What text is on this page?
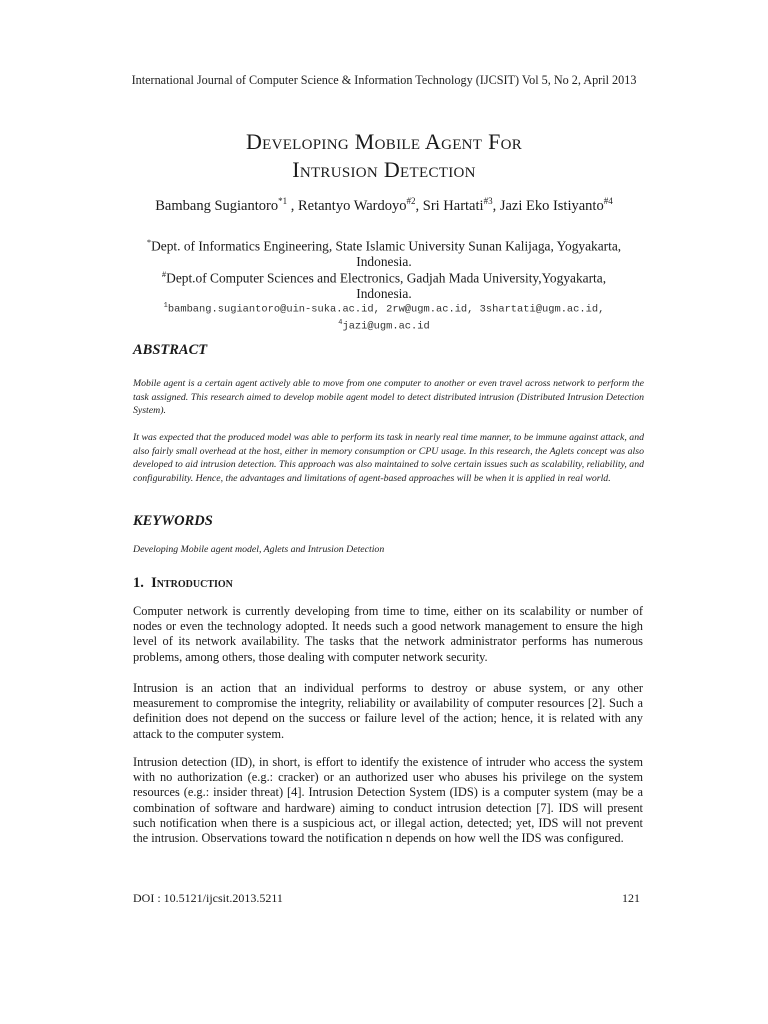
International Journal of Computer Science & Information Technology (IJCSIT) Vol 5, No 2, April 2013
Developing Mobile Agent For
Intrusion Detection
Bambang Sugiantoro$^{*1}$ , Retantyo Wardoyo$^{\#2}$, Sri Hartati$^{\#3}$, Jazi Eko Istiyanto$^{\#4}$
*Dept. of Informatics Engineering, State Islamic University Sunan Kalijaga, Yogyakarta,
Indonesia.
#Dept.of Computer Sciences and Electronics, Gadjah Mada University,Yogyakarta,
Indonesia.
$^1$bambang.sugiantoro@uin-suka.ac.id, 2rw@ugm.ac.id, 3shartati@ugm.ac.id,
$^4$jazi@ugm.ac.id
ABSTRACT
Mobile agent is a certain agent actively able to move from one computer to another or even travel across network to perform the task assigned. This research aimed to develop mobile agent model to detect distributed intrusion (Distributed Intrusion Detection System).
It was expected that the produced model was able to perform its task in nearly real time manner, to be immune against attack, and also fairly small overhead at the host, either in memory consumption or CPU usage. In this research, the Aglets concept was also developed to aid intrusion detection. This approach was also maintained to solve certain issues such as scalability, reliability, and configurability. Hence, the advantages and limitations of agent-based approaches will be when it is applied in real world.
KEYWORDS
Developing Mobile agent model, Aglets and Intrusion Detection
1. Introduction
Computer network is currently developing from time to time, either on its scalability or number of nodes or even the technology adopted. It needs such a good network management to ensure the high level of its network availability. The tasks that the network administrator performs has numerous problems, among others, those dealing with computer network security.
Intrusion is an action that an individual performs to destroy or abuse system, or any other measurement to compromise the integrity, reliability or availability of computer resources [2]. Such a definition does not depend on the success or failure level of the action; hence, it is related with any attack to the computer system.
Intrusion detection (ID), in short, is effort to identify the existence of intruder who access the system with no authorization (e.g.: cracker) or an authorized user who abuses his privilege on the system resources (e.g.: insider threat) [4]. Intrusion Detection System (IDS) is a computer system (may be a combination of software and hardware) aiming to conduct intrusion detection [7]. IDS will present such notification when there is a suspicious act, or illegal action, detected; yet, IDS will not prevent the intrusion. Observations toward the notification n depends on how well the IDS was configured.
DOI : 10.5121/ijcsit.2013.5211	121
